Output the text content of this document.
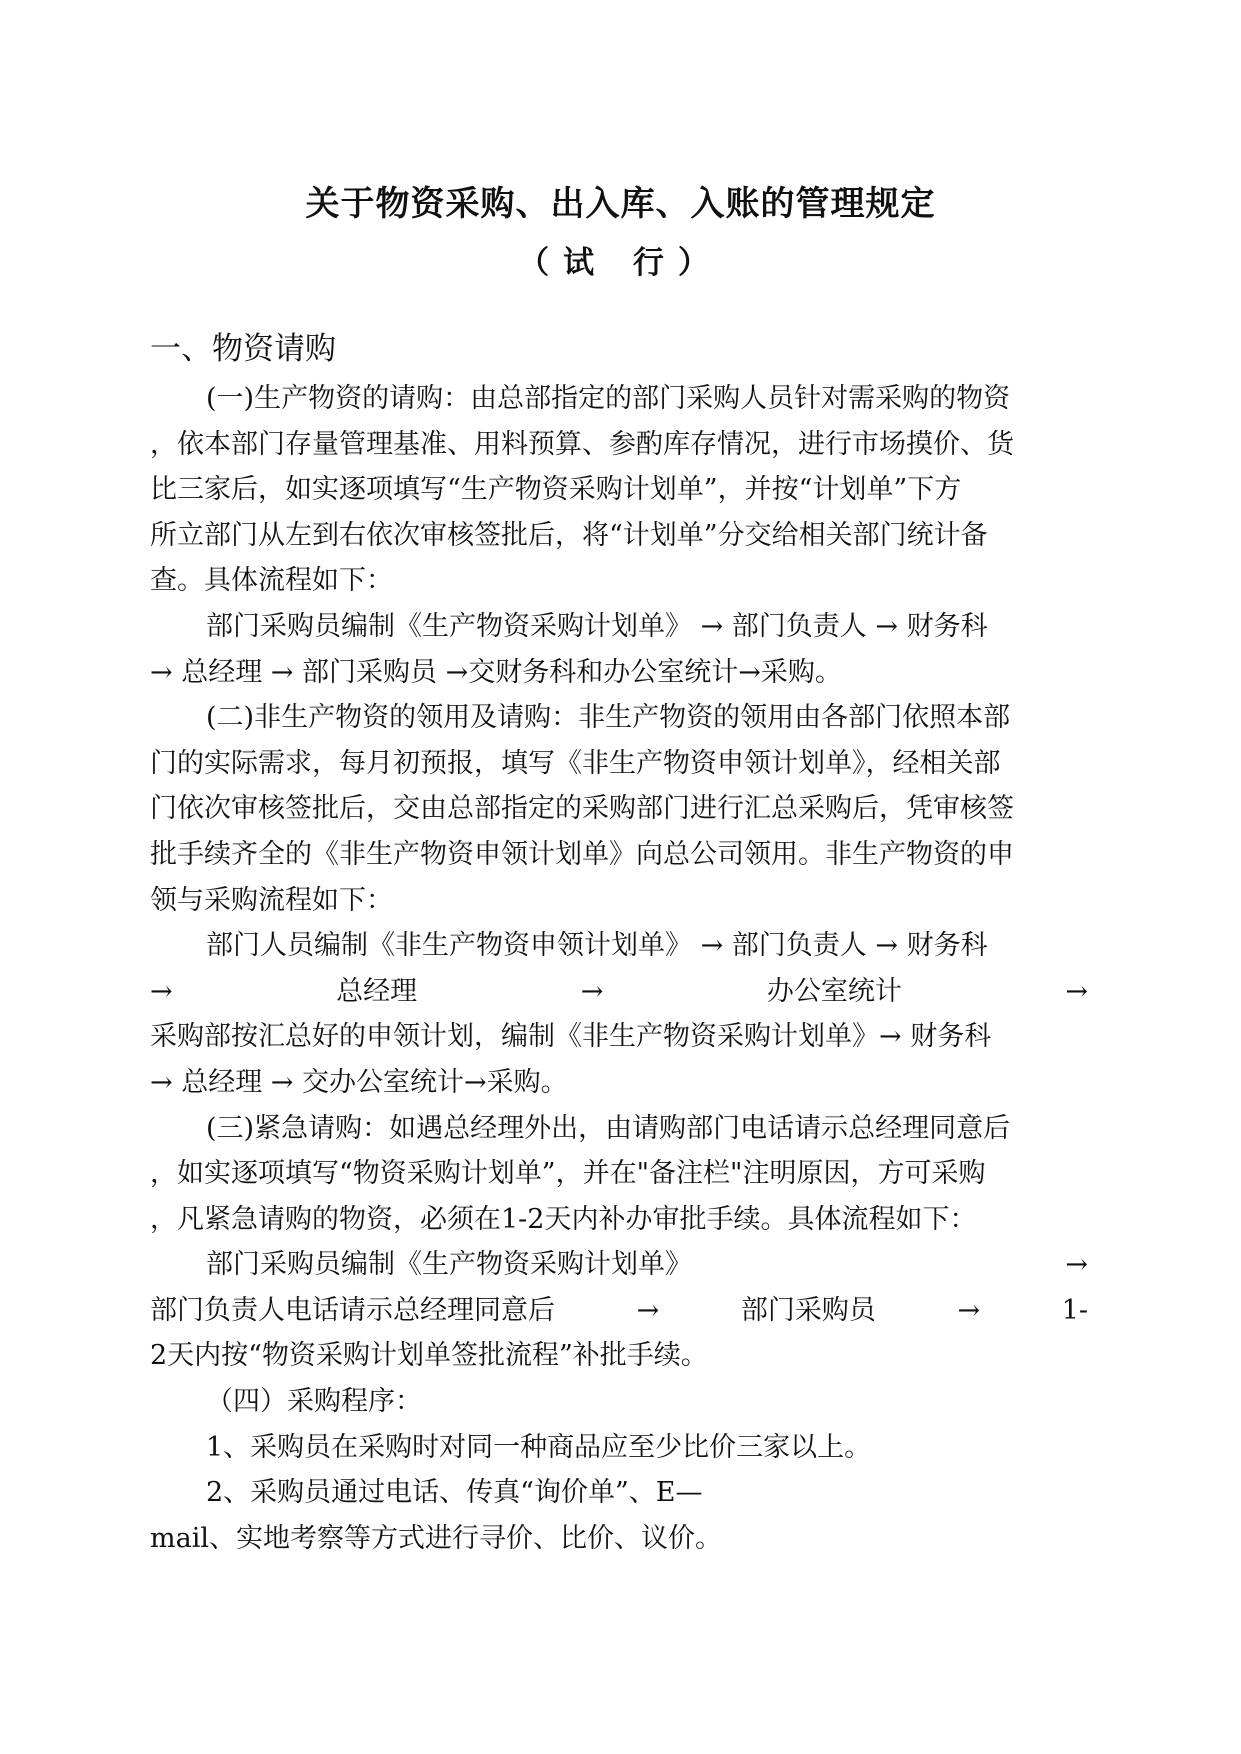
关于物资采购、出入库、入账的管理规定
（试 行）
一、物资请购
(一)生产物资的请购：由总部指定的部门采购人员针对需采购的物资
，依本部门存量管理基准、用料预算、参酌库存情况，进行市场摸价、货
比三家后，如实逐项填写“生产物资采购计划单”，并按“计划单”下方
所立部门从左到右依次审核签批后，将“计划单”分交给相关部门统计备
查。具体流程如下：
部门采购员编制《生产物资采购计划单》 → 部门负责人 → 财务科
→ 总经理 → 部门采购员 →交财务科和办公室统计→采购。
(二)非生产物资的领用及请购：非生产物资的领用由各部门依照本部
门的实际需求，每月初预报，填写《非生产物资申领计划单》，经相关部
门依次审核签批后，交由总部指定的采购部门进行汇总采购后，凭审核签
批手续齐全的《非生产物资申领计划单》向总公司领用。非生产物资的申
领与采购流程如下：
部门人员编制《非生产物资申领计划单》 → 部门负责人 → 财务科
→	总经理	→	办公室统计	→
采购部按汇总好的申领计划，编制《非生产物资采购计划单》→ 财务科
→ 总经理 → 交办公室统计→采购。
(三)紧急请购：如遇总经理外出，由请购部门电话请示总经理同意后
，如实逐项填写“物资采购计划单”，并在"备注栏"注明原因，方可采购
，凡紧急请购的物资，必须在1-2天内补办审批手续。具体流程如下：
部门采购员编制《生产物资采购计划单》	→
部门负责人电话请示总经理同意后	→	部门采购员	→	1-
2天内按“物资采购计划单签批流程”补批手续。
（四）采购程序：
1、采购员在采购时对同一种商品应至少比价三家以上。
2、采购员通过电话、传真“询价单”、E—
mail、实地考察等方式进行寻价、比价、议价。
